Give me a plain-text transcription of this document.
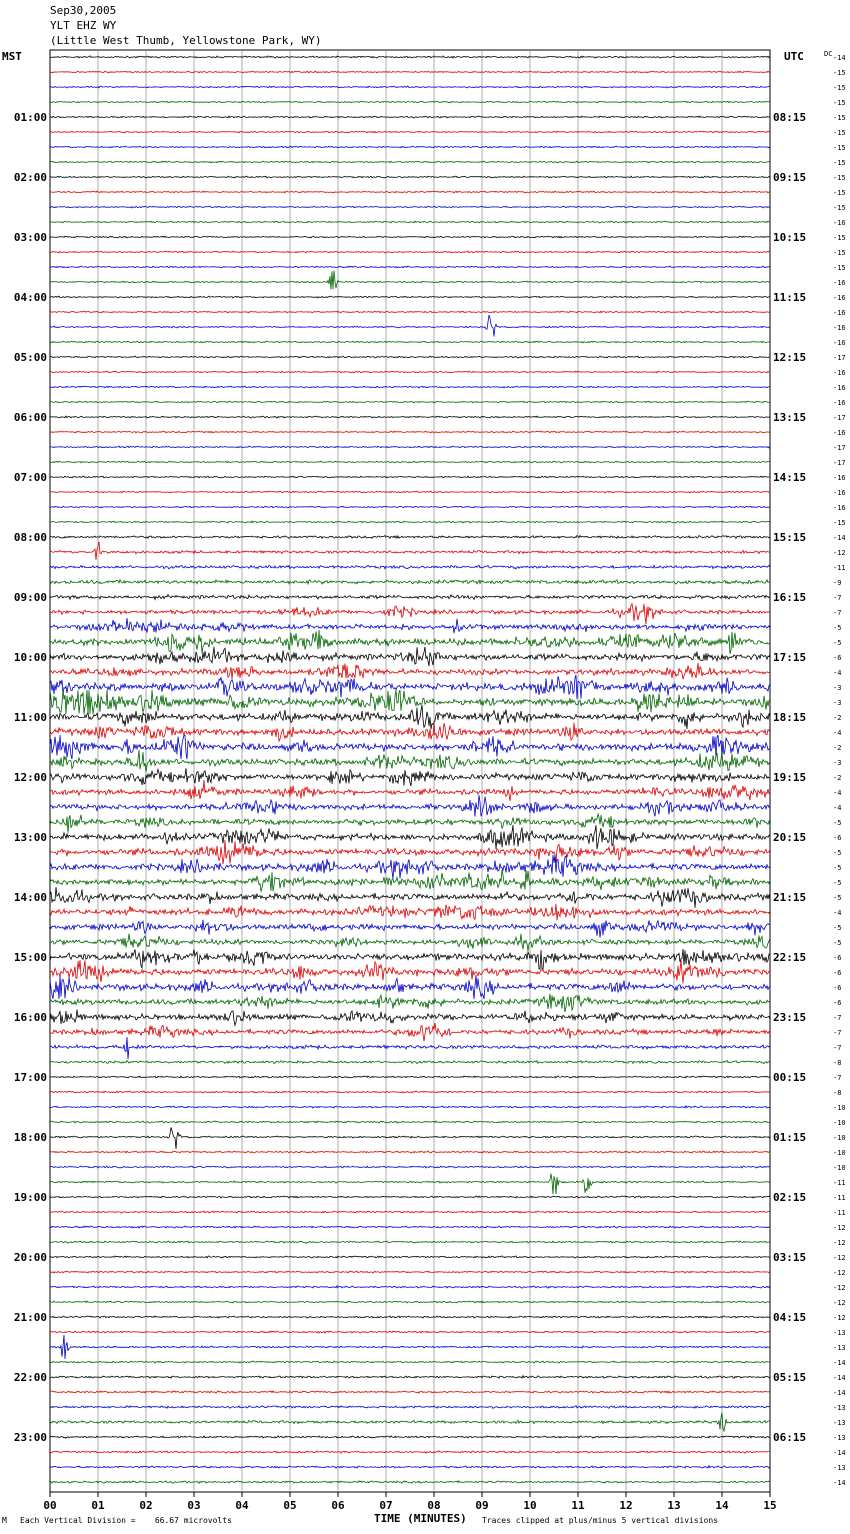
Sep30,2005
YLT EHZ WY
(Little West Thumb, Yellowstone Park, WY)
MST	UTC	-14
-15
-15
-15
-15
-15
-15
-15
-15
-15
-15
-16
-15
-15
-15
-16
-16
-16
-16
-16
-17
-16
-16
-16
-17
-16
-17
-17
-16
-16
-16
-15
-14
-12
-11
-9
-7
-7
-5
-5
-6
-4
-3
-3
-2
-4
-2
-3
-2
-4
-4
-5
-6
-5
-5
-5
-5
-4
-5
-5
-6
-6
-6
-6
-7
-7
-7
-8
-7
-8
-10
-10
-10
-10
-10
-11
-11
-11
-12
-12
-12
-12
-12
-12
-12
-13
-13
-14
-14
-14
-13
-13
-13
-14
-13
-14
DC
01:00	08:15
02:00	09:15
03:00	10:15
04:00	11:15
05:00	12:15
06:00	13:15
07:00	14:15
08:00	15:15
09:00	16:15
10:00	17:15
11:00	18:15
12:00	19:15
13:00	20:15
14:00	21:15
15:00	22:15
16:00	23:15
17:00	00:15
18:00	01:15
19:00	02:15
20:00	03:15
21:00	04:15
22:00	05:15
23:00	06:15
00	01	02	03	04	05	06	07	08	09	10	11	12	13	14	15
M Each Vertical Division =    66.67 microvolts	TIME (MINUTES) Traces clipped at plus/minus 5 vertical divisions
